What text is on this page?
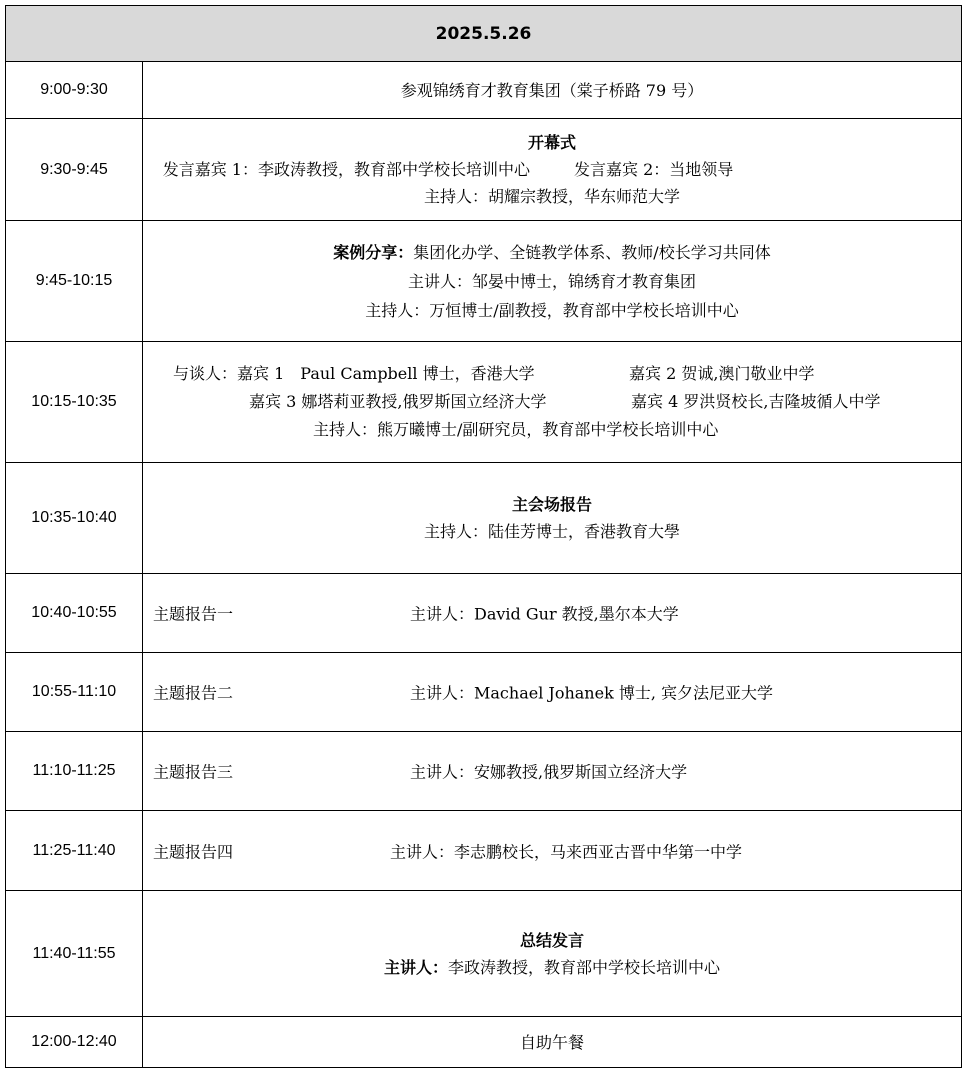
2025.5.26	
9:00-9:30	参观锦绣育才教育集团（棠子桥路 79 号）
9:30-9:45	开幕式
发言嘉宾 1：李政涛教授，教育部中学校长培训中心 发言嘉宾 2：当地领导
主持人：胡耀宗教授，华东师范大学

9:45-10:15	案例分享：集团化办学、全链教学体系、教师/校长学习共同体
主讲人：邹晏中博士，锦绣育才教育集团
主持人：万恒博士/副教授，教育部中学校长培训中心

10:15-10:35	与谈人：嘉宾 1　Paul Campbell 博士，香港大学 嘉宾 2 贺诚,澳门敬业中学
嘉宾 3 娜塔莉亚教授,俄罗斯国立经济大学 嘉宾 4 罗洪贤校长,吉隆坡循人中学
主持人：熊万曦博士/副研究员，教育部中学校长培训中心

10:35-10:40	主会场报告
主持人：陆佳芳博士，香港教育大學

10:40-10:55	主题报告一 主讲人：David Gur 教授,墨尔本大学

10:55-11:10	主题报告二 主讲人：Machael Johanek 博士, 宾夕法尼亚大学

11:10-11:25	主题报告三 主讲人：安娜教授,俄罗斯国立经济大学

11:25-11:40	主题报告四 主讲人：李志鹏校长，马来西亚古晋中华第一中学

11:40-11:55	总结发言
主讲人：李政涛教授，教育部中学校长培训中心

12:00-12:40	自助午餐
